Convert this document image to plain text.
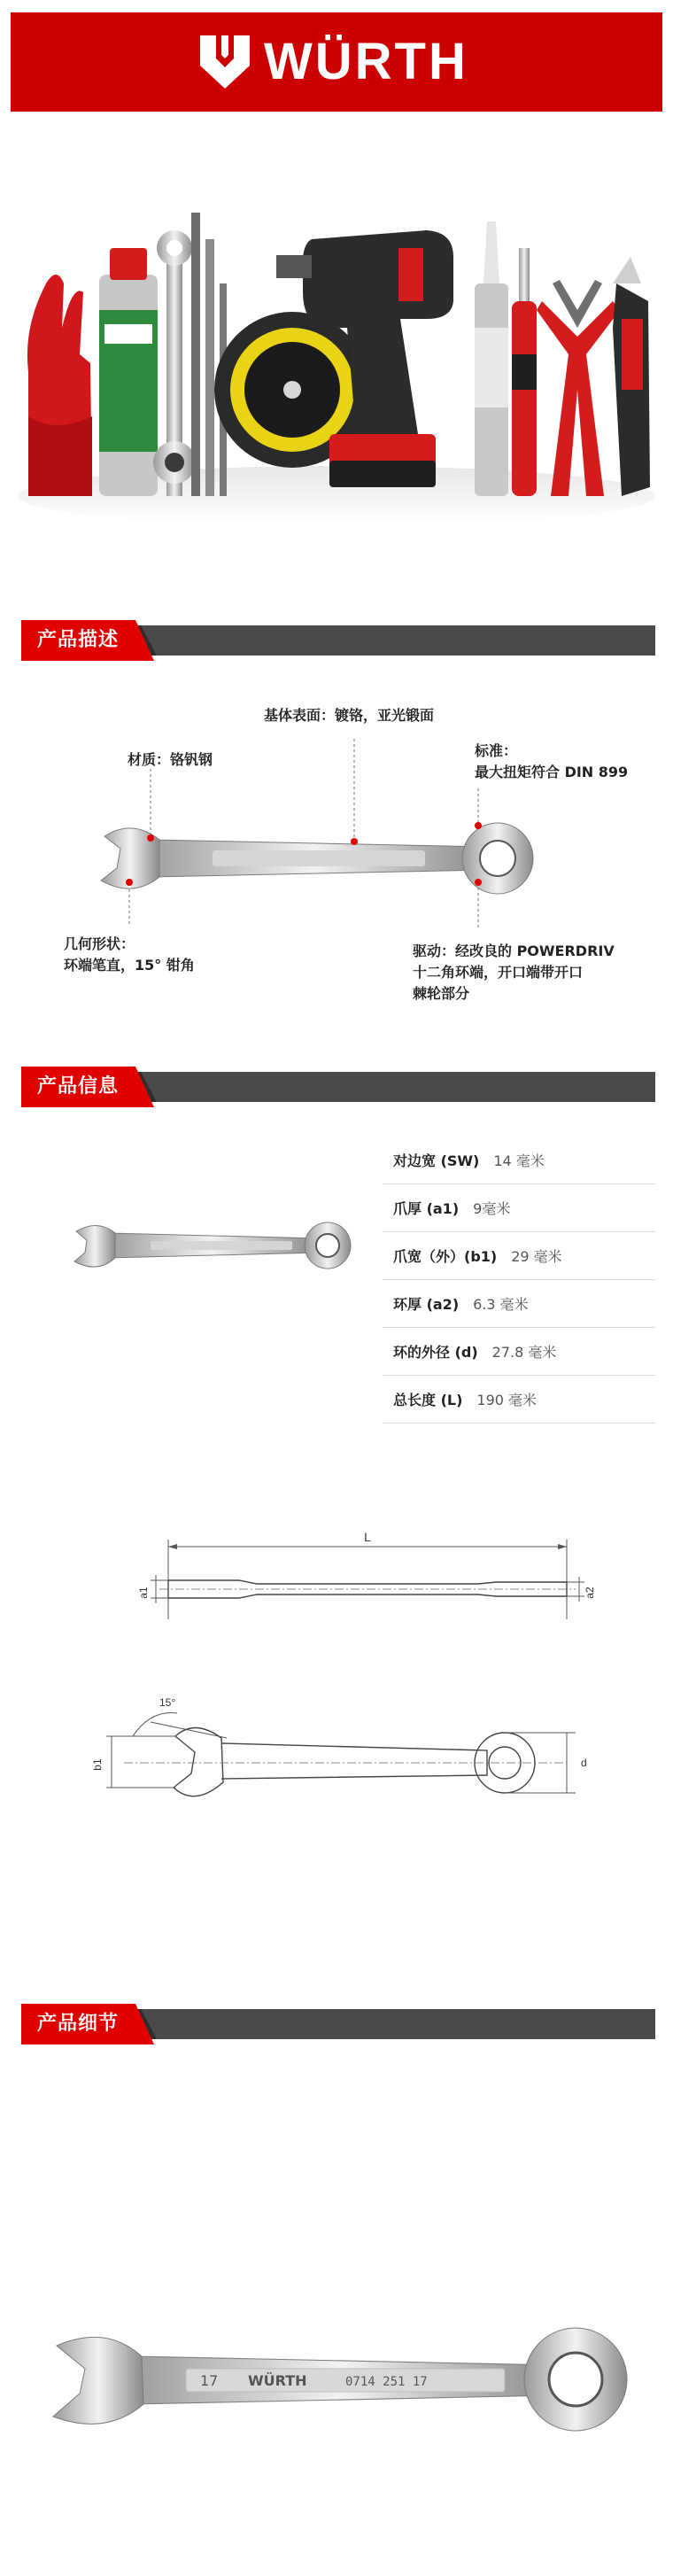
WÜRTH
产品描述
基体表面：镀铬，亚光锻面
材质：铬钒钢
标准：
最大扭矩符合 DIN 899
几何形状：
环端笔直，15° 钳角
驱动：经改良的 POWERDRIV
十二角环端，开口端带开口
棘轮部分
产品信息
对边宽 (SW) 14 毫米
爪厚 (a1) 9毫米
爪宽（外）(b1) 29 毫米
环厚 (a2) 6.3 毫米
环的外径 (d) 27.8 毫米
总长度 (L) 190 毫米
L
a1	a2
15°
d
b1
产品细节
17 WÜRTH	0714 251 17
